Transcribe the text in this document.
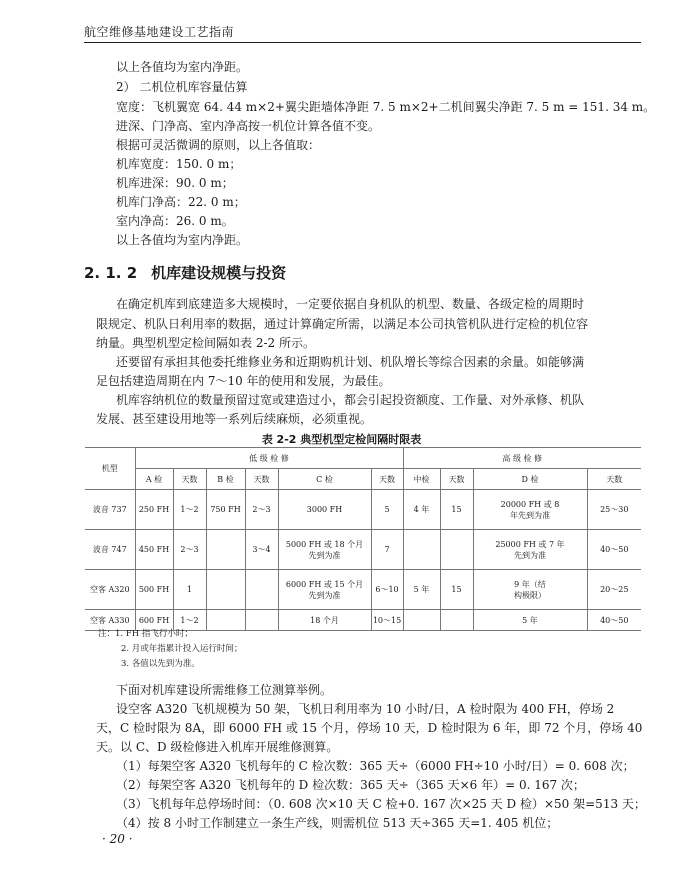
航空维修基地建设工艺指南
以上各值均为室内净距。
2） 二机位机库容量估算
宽度：飞机翼宽 64. 44 m×2+翼尖距墙体净距 7. 5 m×2+二机间翼尖净距 7. 5 m = 151. 34 m。
进深、门净高、室内净高按一机位计算各值不变。
根据可灵活微调的原则，以上各值取：
机库宽度：150. 0 m；
机库进深：90. 0 m；
机库门净高：22. 0 m；
室内净高：26. 0 m。
以上各值均为室内净距。
2. 1. 2 机库建设规模与投资
在确定机库到底建造多大规模时，一定要依据自身机队的机型、数量、各级定检的周期时
限规定、机队日利用率的数据，通过计算确定所需，以满足本公司执管机队进行定检的机位容
纳量。典型机型定检间隔如表 2-2 所示。
还要留有承担其他委托维修业务和近期购机计划、机队增长等综合因素的余量。如能够满
足包括建造周期在内 7～10 年的使用和发展，为最佳。
机库容纳机位的数量预留过宽或建造过小，都会引起投资额度、工作量、对外承修、机队
发展、甚至建设用地等一系列后续麻烦，必须重视。
表 2-2 典型机型定检间隔时限表
机型	低 级 检 修						高 级 检 修			
	A 检	天数	B 检	天数	C 检	天数	中检	天数	D 检	天数
波音 737	250 FH	1～2	750 FH	2～3	3000 FH	5	4 年	15	20000 FH 或 8 年先到为准	25～30
波音 747	450 FH	2～3		3～4	5000 FH 或 18 个月先到为准	7			25000 FH 或 7 年先到为准	40～50
空客 A320	500 FH	1			6000 FH 或 15 个月先到为准	6～10	5 年	15	9 年（结构极限）	20～25
空客 A330	600 FH	1～2			18 个月	10～15			5 年	40～50
注：1. FH 指飞行小时；
2. 月或年指累计投入运行时间；
3. 各值以先到为准。
下面对机库建设所需维修工位测算举例。
设空客 A320 飞机规模为 50 架，飞机日利用率为 10 小时/日，A 检时限为 400 FH，停场 2
天，C 检时限为 8A，即 6000 FH 或 15 个月，停场 10 天，D 检时限为 6 年，即 72 个月，停场 40
天。以 C、D 级检修进入机库开展维修测算。
（1）每架空客 A320 飞机每年的 C 检次数：365 天÷（6000 FH÷10 小时/日）= 0. 608 次；
（2）每架空客 A320 飞机每年的 D 检次数：365 天÷（365 天×6 年）= 0. 167 次；
（3）飞机每年总停场时间：（0. 608 次×10 天 C 检+0. 167 次×25 天 D 检）×50 架=513 天；
（4）按 8 小时工作制建立一条生产线，则需机位 513 天÷365 天=1. 405 机位；
· 20 ·
